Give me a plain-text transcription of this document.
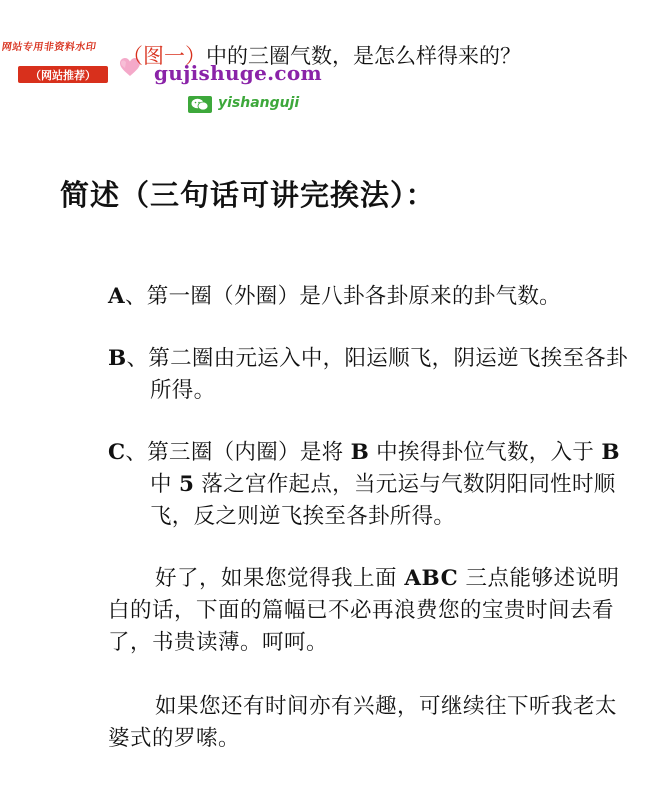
网站专用非资料水印
（网站推荐）	gujishuge.com
yishanguji
（图一）中的三圈气数，是怎么样得来的？
简述（三句话可讲完挨法）：
A、第一圈（外圈）是八卦各卦原来的卦气数。
B、第二圈由元运入中，阳运顺飞，阴运逆飞挨至各卦所得。
C、第三圈（内圈）是将 B 中挨得卦位气数，入于 B 中 5 落之宫作起点，当元运与气数阴阳同性时顺飞，反之则逆飞挨至各卦所得。
好了，如果您觉得我上面 ABC 三点能够述说明白的话，下面的篇幅已不必再浪费您的宝贵时间去看了，书贵读薄。呵呵。
如果您还有时间亦有兴趣，可继续往下听我老太婆式的罗嗦。
